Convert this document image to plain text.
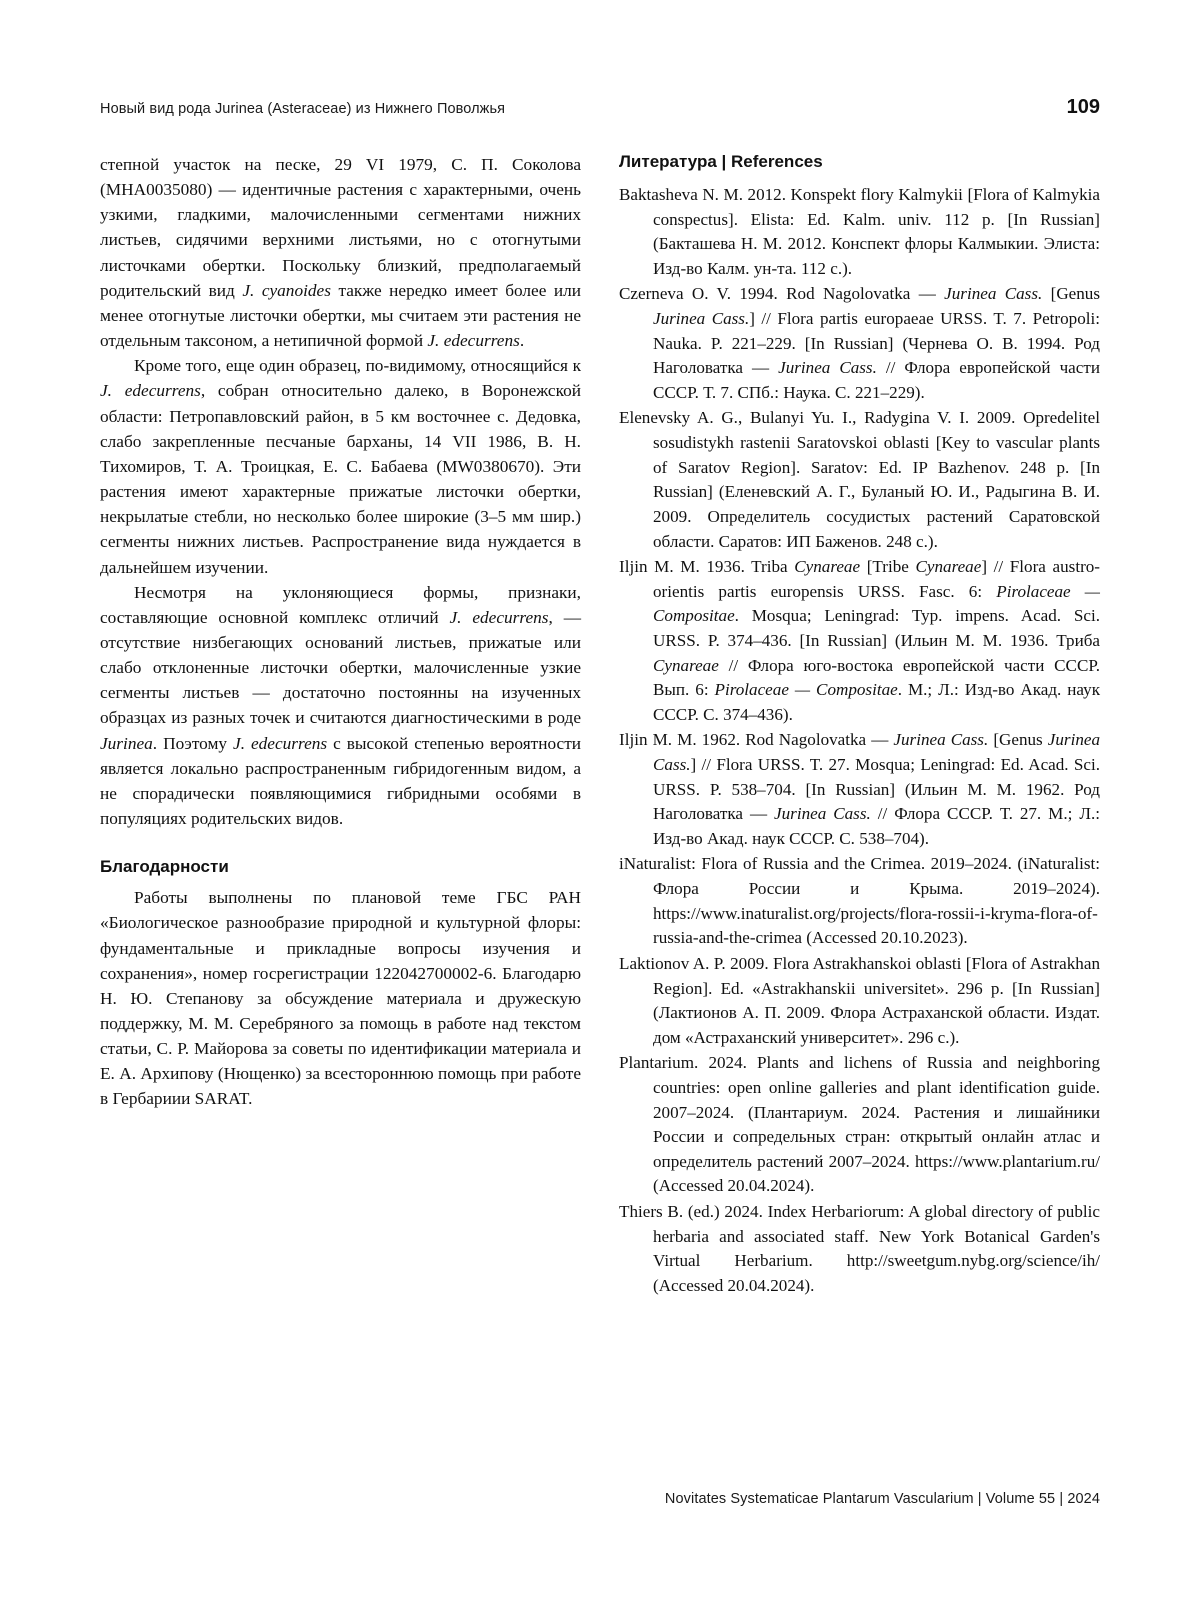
Новый вид рода Jurinea (Asteraceae) из Нижнего Поволжья	109

степной участок на песке, 29 VI 1979, С. П. Соколова (MHA0035080) — идентичные растения с характерными, очень узкими, гладкими, малочисленными сегментами нижних листьев, сидячими верхними листьями, но с отогнутыми листочками обертки. Поскольку близкий, предполагаемый родительский вид J. cyanoides также нередко имеет более или менее отогнутые листочки обертки, мы считаем эти растения не отдельным таксоном, а нетипичной формой J. edecurrens.

Кроме того, еще один образец, по-видимому, относящийся к J. edecurrens, собран относительно далеко, в Воронежской области: Петропавловский район, в 5 км восточнее с. Дедовка, слабо закрепленные песчаные барханы, 14 VII 1986, В. Н. Тихомиров, Т. А. Троицкая, Е. С. Бабаева (MW0380670). Эти растения имеют характерные прижатые листочки обертки, некрылатые стебли, но несколько более широкие (3–5 мм шир.) сегменты нижних листьев. Распространение вида нуждается в дальнейшем изучении.

Несмотря на уклоняющиеся формы, признаки, составляющие основной комплекс отличий J. edecurrens, — отсутствие низбегающих оснований листьев, прижатые или слабо отклоненные листочки обертки, малочисленные узкие сегменты листьев — достаточно постоянны на изученных образцах из разных точек и считаются диагностическими в роде Jurinea. Поэтому J. edecurrens с высокой степенью вероятности является локально распространенным гибридогенным видом, а не спорадически появляющимися гибридными особями в популяциях родительских видов.

Благодарности

Работы выполнены по плановой теме ГБС РАН «Биологическое разнообразие природной и культурной флоры: фундаментальные и прикладные вопросы изучения и сохранения», номер госрегистрации 122042700002-6. Благодарю Н. Ю. Степанову за обсуждение материала и дружескую поддержку, М. М. Серебряного за помощь в работе над текстом статьи, С. Р. Майорова за советы по идентификации материала и Е. А. Архипову (Нющенко) за всестороннюю помощь при работе в Гербариии SARAT.

Литература | References

Baktasheva N. M. 2012. Konspekt flory Kalmykii [Flora of Kalmykia conspectus]. Elista: Ed. Kalm. univ. 112 p. [In Russian] (Бакташева Н. М. 2012. Конспект флоры Калмыкии. Элиста: Изд-во Калм. ун-та. 112 с.).

Czerneva O. V. 1994. Rod Nagolovatka — Jurinea Cass. [Genus Jurinea Cass.] // Flora partis europaeae URSS. T. 7. Petropoli: Nauka. P. 221–229. [In Russian] (Чернева О. В. 1994. Род Наголоватка — Jurinea Cass. // Флора европейской части СССР. Т. 7. СПб.: Наука. С. 221–229).

Elenevsky A. G., Bulanyi Yu. I., Radygina V. I. 2009. Opredelitel sosudistykh rastenii Saratovskoi oblasti [Key to vascular plants of Saratov Region]. Saratov: Ed. IP Bazhenov. 248 p. [In Russian] (Еленевский А. Г., Буланый Ю. И., Радыгина В. И. 2009. Определитель сосудистых растений Саратовской области. Саратов: ИП Баженов. 248 с.).

Iljin M. M. 1936. Triba Cynareae [Tribe Cynareae] // Flora austro-orientis partis europensis URSS. Fasc. 6: Pirolaceae — Compositae. Mosqua; Leningrad: Typ. impens. Acad. Sci. URSS. P. 374–436. [In Russian] (Ильин М. М. 1936. Триба Cynareae // Флора юго-востока европейской части СССР. Вып. 6: Pirolaceae — Compositae. М.; Л.: Изд-во Акад. наук СССР. С. 374–436).

Iljin M. M. 1962. Rod Nagolovatka — Jurinea Cass. [Genus Jurinea Cass.] // Flora URSS. T. 27. Mosqua; Leningrad: Ed. Acad. Sci. URSS. P. 538–704. [In Russian] (Ильин М. М. 1962. Род Наголоватка — Jurinea Cass. // Флора СССР. Т. 27. М.; Л.: Изд-во Акад. наук СССР. С. 538–704).

iNaturalist: Flora of Russia and the Crimea. 2019–2024. (iNaturalist: Флора России и Крыма. 2019–2024). https://www.inaturalist.org/projects/flora-rossii-i-kryma-flora-of-russia-and-the-crimea (Accessed 20.10.2023).

Laktionov A. P. 2009. Flora Astrakhanskoi oblasti [Flora of Astrakhan Region]. Ed. «Astrakhanskii universitet». 296 p. [In Russian] (Лактионов А. П. 2009. Флора Астраханской области. Издат. дом «Астраханский университет». 296 с.).

Plantarium. 2024. Plants and lichens of Russia and neighboring countries: open online galleries and plant identification guide. 2007–2024. (Плантариум. 2024. Растения и лишайники России и сопредельных стран: открытый онлайн атлас и определитель растений 2007–2024. https://www.plantarium.ru/ (Accessed 20.04.2024).

Thiers B. (ed.) 2024. Index Herbariorum: A global directory of public herbaria and associated staff. New York Botanical Garden's Virtual Herbarium. http://sweetgum.nybg.org/science/ih/ (Accessed 20.04.2024).

Novitates Systematicae Plantarum Vascularium | Volume 55 | 2024
